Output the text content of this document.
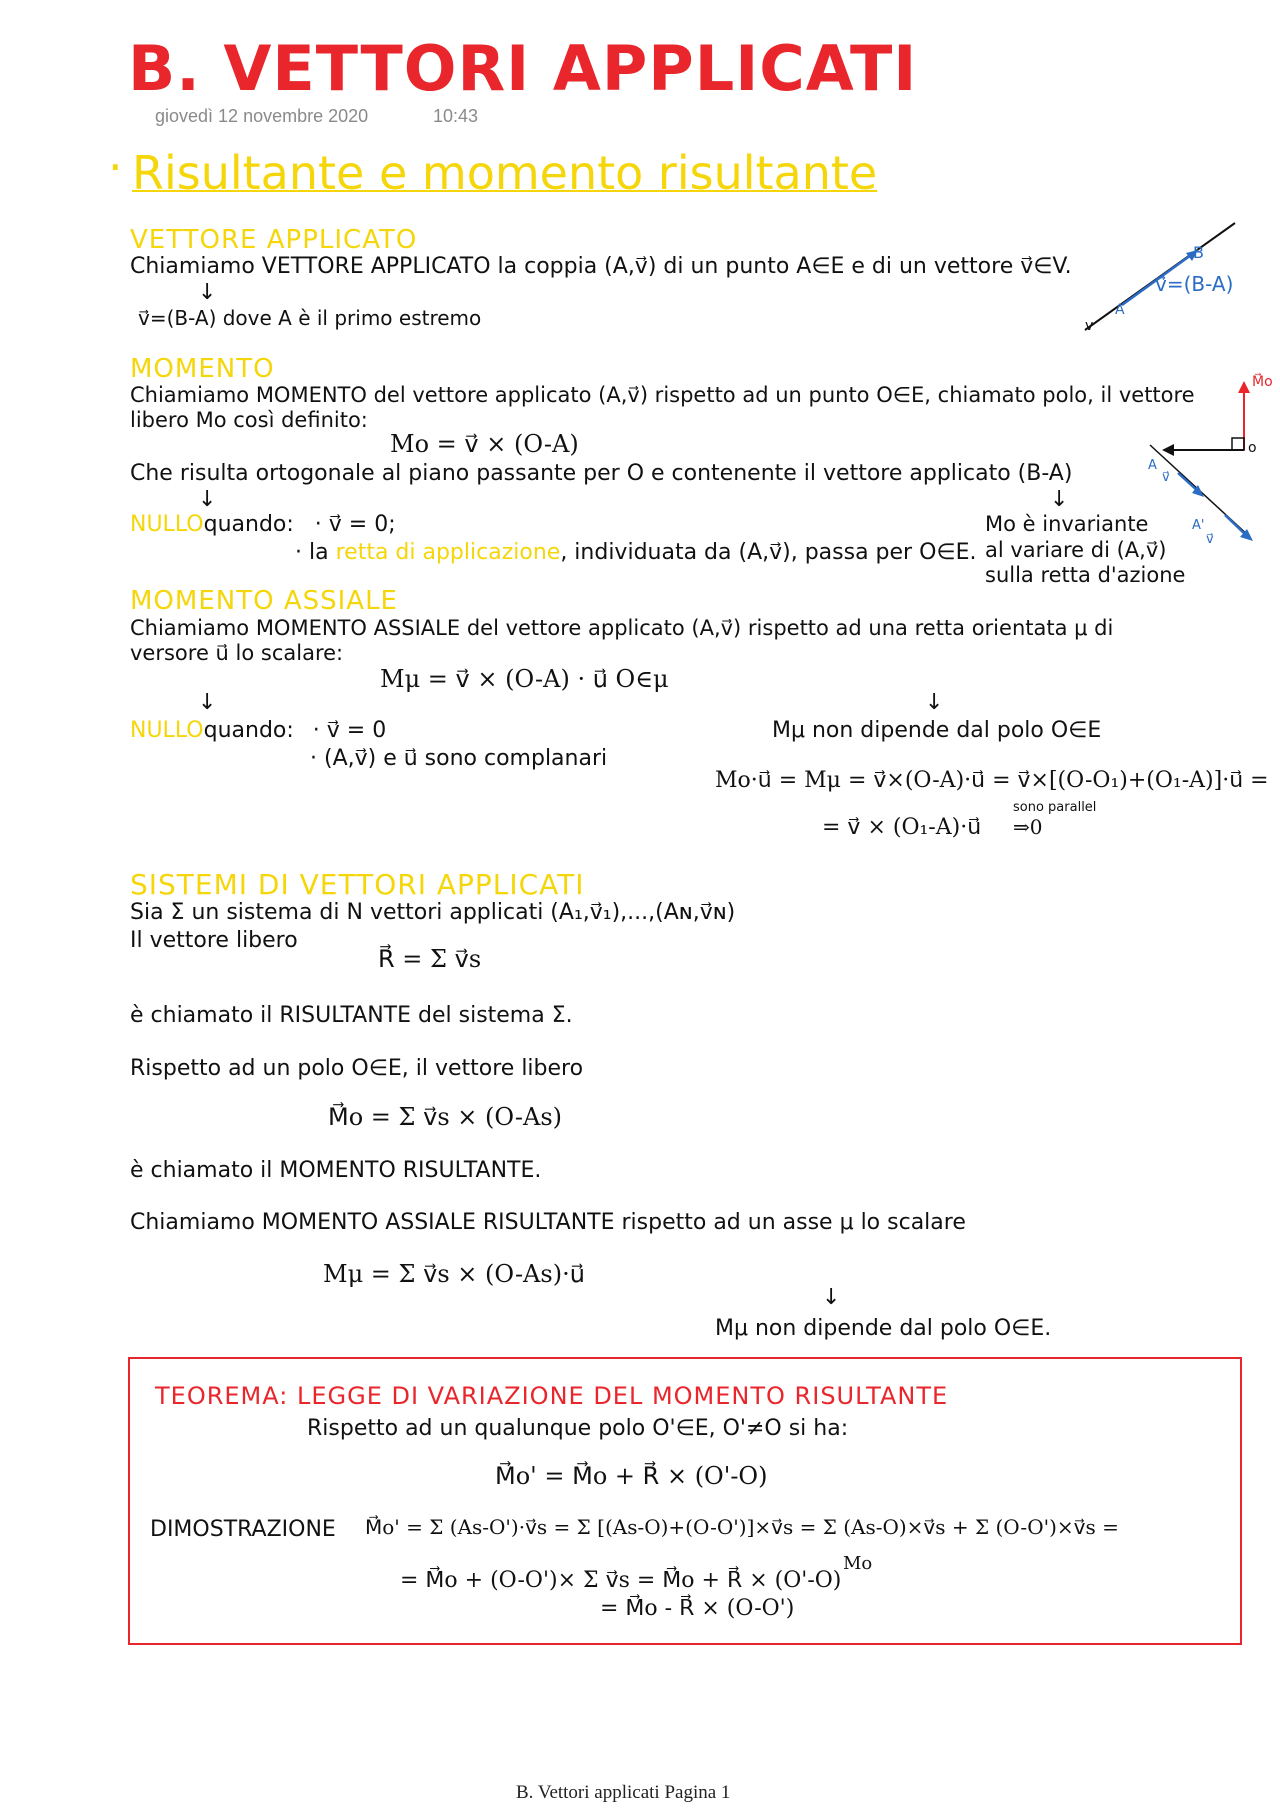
B. VETTORI APPLICATI
giovedì 12 novembre 2020	10:43
· Risultante e momento risultante
VETTORE APPLICATO
Chiamiamo VETTORE APPLICATO la coppia (A,v⃗) di un punto A∈E e di un vettore v⃗∈V.
↓
v⃗=(B-A) dove A è il primo estremo
B
A
v
v⃗=(B-A)
MOMENTO
Chiamiamo MOMENTO del vettore applicato (A,v⃗) rispetto ad un punto O∈E, chiamato polo, il vettore
libero Mo così definito:
Mo = v⃗ × (O-A)
Che risulta ortogonale al piano passante per O e contenente il vettore applicato (B-A)
↓	↓
NULLOquando: · v⃗ = 0;
· la retta di applicazione, individuata da (A,v⃗), passa per O∈E.
Mo è invariante
al variare di (A,v⃗)
sulla retta d'azione
M⃗o
o
A
v⃗
A'
v⃗
MOMENTO ASSIALE
Chiamiamo MOMENTO ASSIALE del vettore applicato (A,v⃗) rispetto ad una retta orientata μ di
versore u⃗ lo scalare:
Mμ = v⃗ × (O-A) · u⃗ O∈μ
↓	↓
NULLOquando: · v⃗ = 0
· (A,v⃗) e u⃗ sono complanari
Mμ non dipende dal polo O∈E
Mo·u⃗ = Mμ = v⃗×(O-A)·u⃗ = v⃗×[(O-O₁)+(O₁-A)]·u⃗ =
sono parallel
⇒0
= v⃗ × (O₁-A)·u⃗
SISTEMI DI VETTORI APPLICATI
Sia Σ un sistema di N vettori applicati (A₁,v⃗₁),...,(Aɴ,v⃗ɴ)
Il vettore libero
R⃗ = Σ v⃗s
è chiamato il RISULTANTE del sistema Σ.
Rispetto ad un polo O∈E, il vettore libero
M⃗o = Σ v⃗s × (O-As)
è chiamato il MOMENTO RISULTANTE.
Chiamiamo MOMENTO ASSIALE RISULTANTE rispetto ad un asse μ lo scalare
Mμ = Σ v⃗s × (O-As)·u⃗
↓
Mμ non dipende dal polo O∈E.
TEOREMA: LEGGE DI VARIAZIONE DEL MOMENTO RISULTANTE
Rispetto ad un qualunque polo O'∈E, O'≠O si ha:
M⃗o' = M⃗o + R⃗ × (O'-O)
DIMOSTRAZIONE M⃗o' = Σ (As-O')·v⃗s = Σ [(As-O)+(O-O')]×v⃗s = Σ (As-O)×v⃗s + Σ (O-O')×v⃗s =
Mo
= M⃗o + (O-O')× Σ v⃗s = M⃗o + R⃗ × (O'-O)
= M⃗o - R⃗ × (O-O')
B. Vettori applicati Pagina 1
